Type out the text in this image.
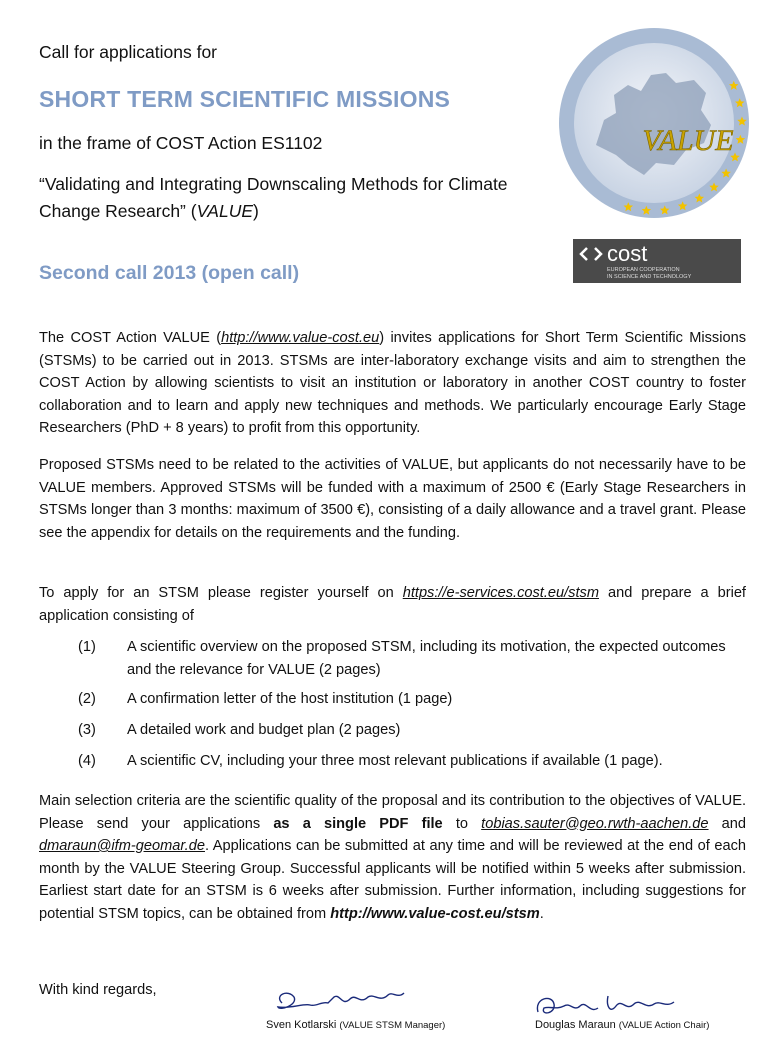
Call for applications for
SHORT TERM SCIENTIFIC MISSIONS
in the frame of COST Action ES1102
“Validating and Integrating Downscaling Methods for Climate Change Research” (VALUE)
Second call 2013 (open call)
VALUE
cost
EUROPEAN COOPERATION
IN SCIENCE AND TECHNOLOGY
The COST Action VALUE (http://www.value-cost.eu) invites applications for Short Term Scientific Missions (STSMs) to be carried out in 2013. STSMs are inter-laboratory exchange visits and aim to strengthen the COST Action by allowing scientists to visit an institution or laboratory in another COST country to foster collaboration and to learn and apply new techniques and methods. We particularly encourage Early Stage Researchers (PhD + 8 years) to profit from this opportunity.
Proposed STSMs need to be related to the activities of VALUE, but applicants do not necessarily have to be VALUE members. Approved STSMs will be funded with a maximum of 2500 € (Early Stage Researchers in STSMs longer than 3 months: maximum of 3500 €), consisting of a daily allowance and a travel grant. Please see the appendix for details on the requirements and the funding.
To apply for an STSM please register yourself on https://e-services.cost.eu/stsm and prepare a brief application consisting of
(1)	A scientific overview on the proposed STSM, including its motivation, the expected outcomes and the relevance for VALUE (2 pages)
(2)	A confirmation letter of the host institution (1 page)
(3)	A detailed work and budget plan (2 pages)
(4)	A scientific CV, including your three most relevant publications if available (1 page).
Main selection criteria are the scientific quality of the proposal and its contribution to the objectives of VALUE. Please send your applications as a single PDF file to tobias.sauter@geo.rwth-aachen.de and dmaraun@ifm-geomar.de. Applications can be submitted at any time and will be reviewed at the end of each month by the VALUE Steering Group. Successful applicants will be notified within 5 weeks after submission. Earliest start date for an STSM is 6 weeks after submission. Further information, including suggestions for potential STSM topics, can be obtained from http://www.value-cost.eu/stsm.
With kind regards,
Sven Kotlarski (VALUE STSM Manager)	Douglas Maraun (VALUE Action Chair)
